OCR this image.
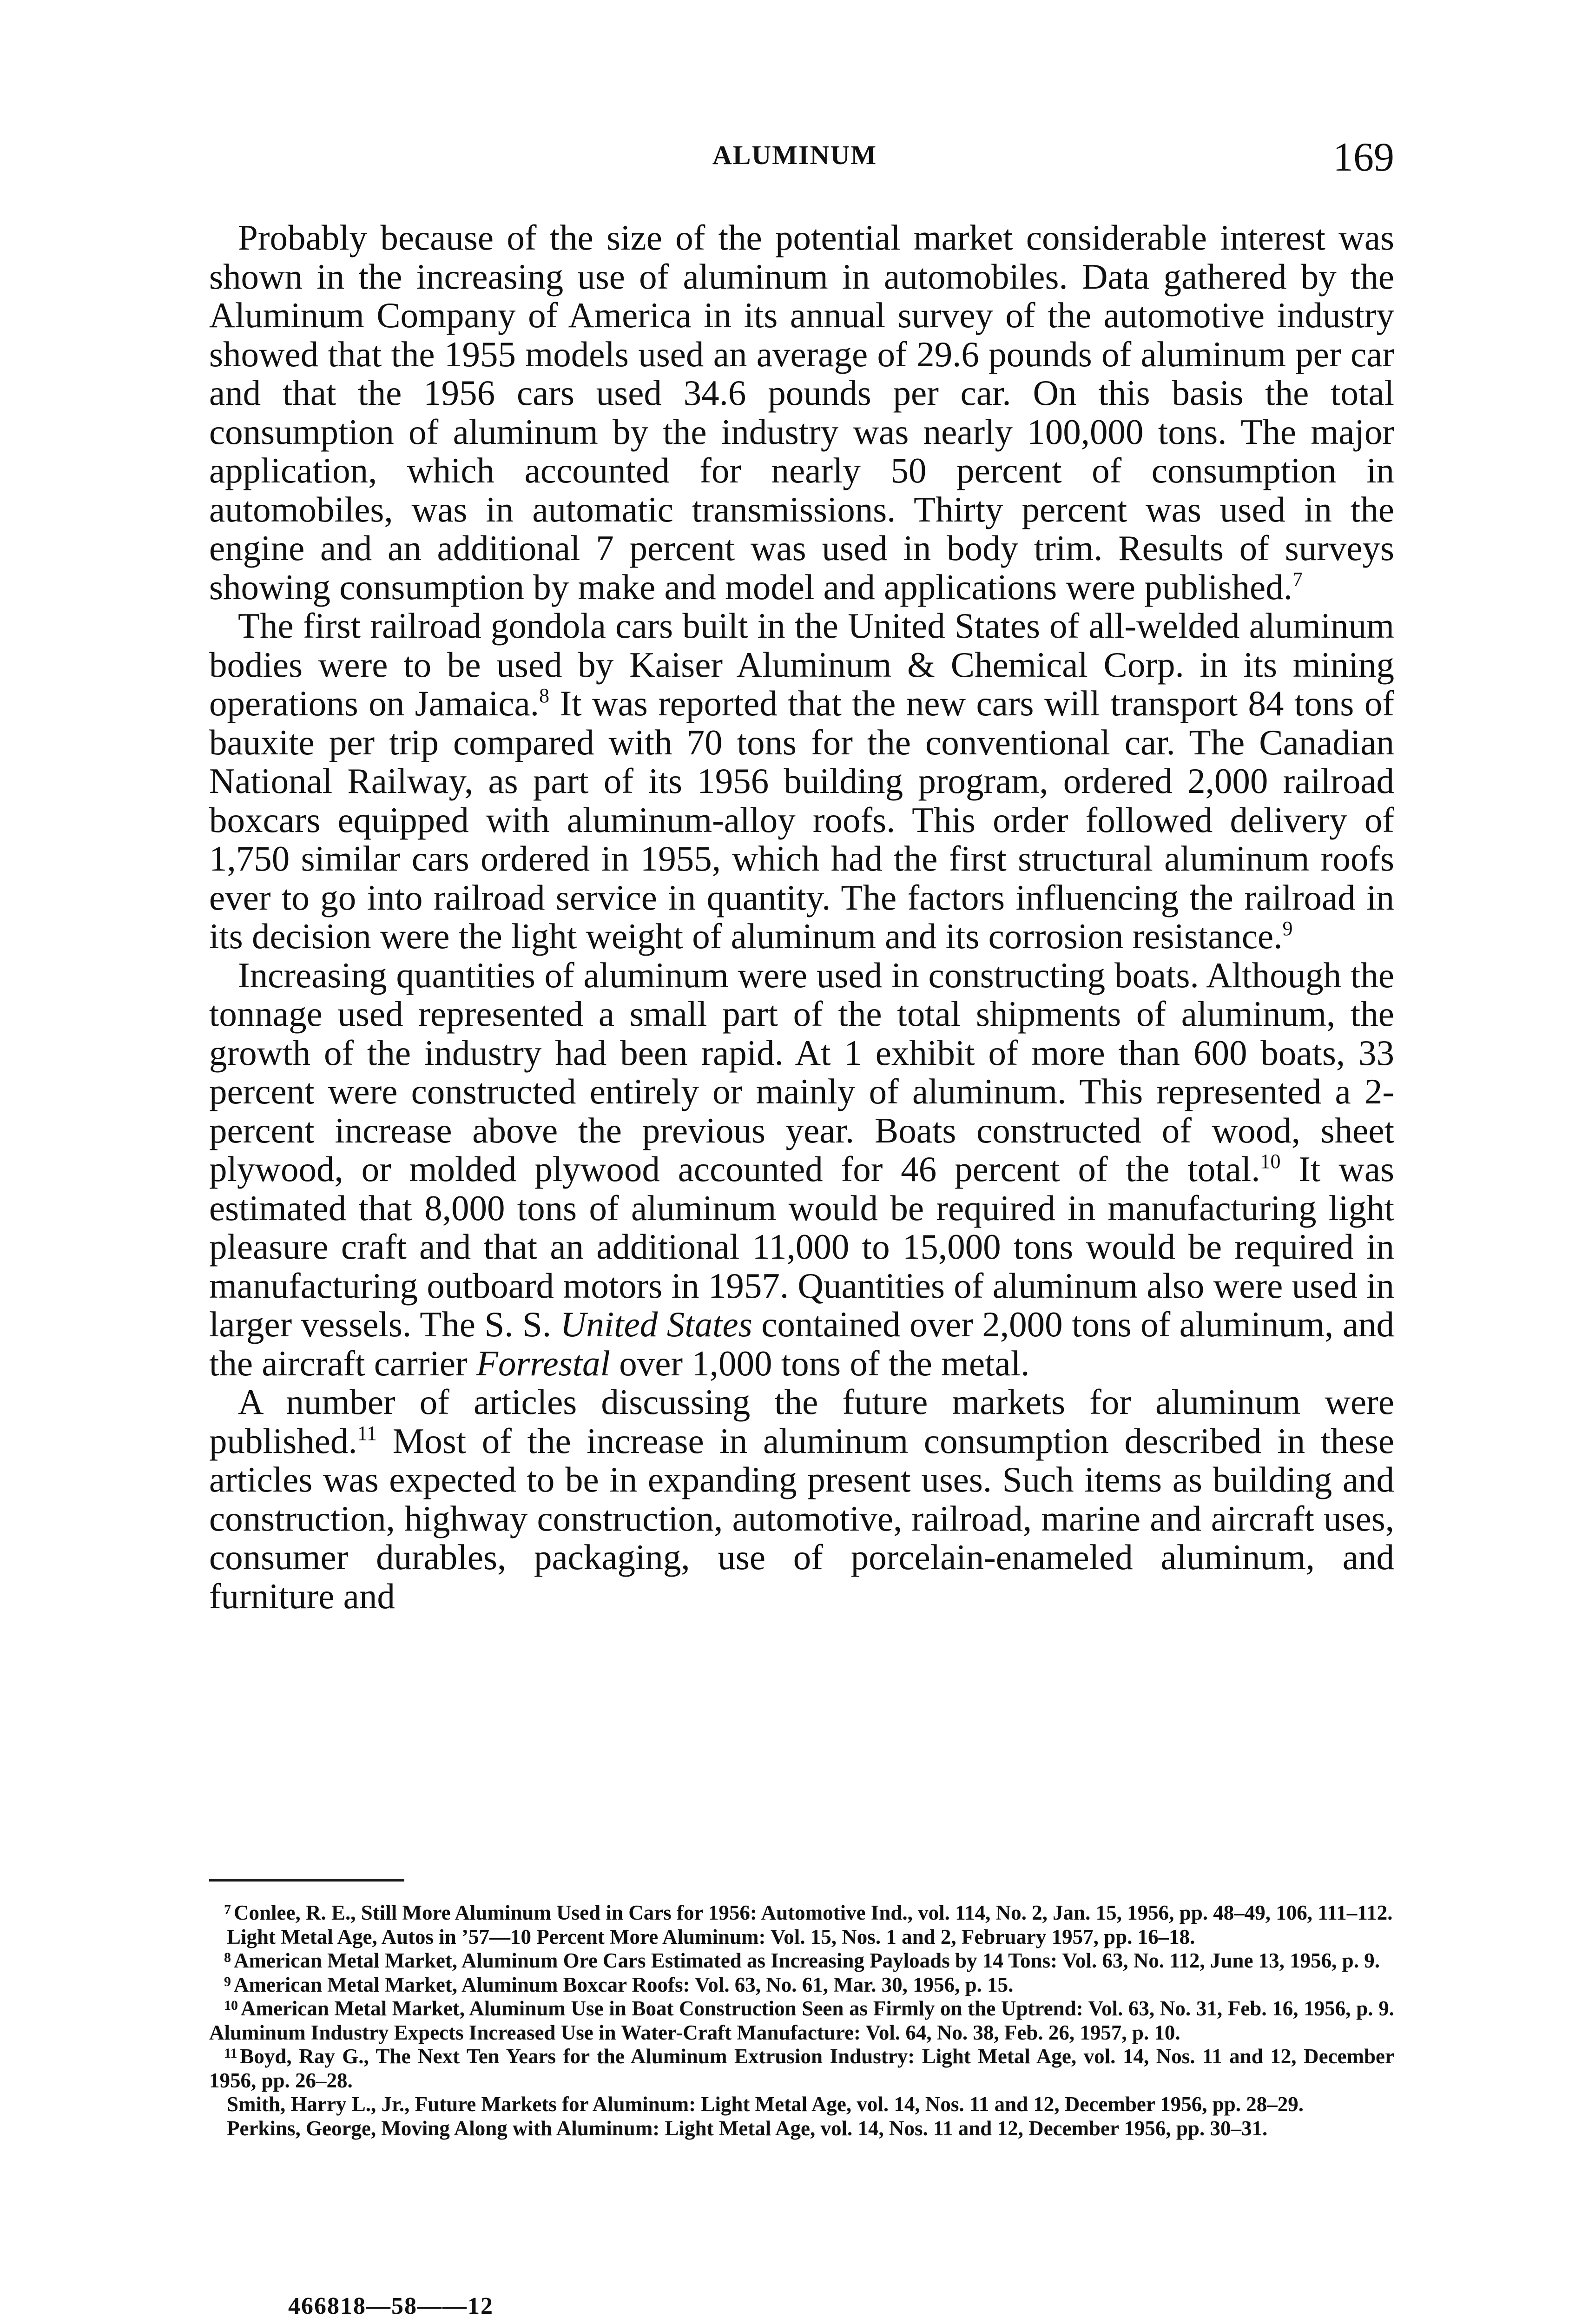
ALUMINUM	169

Probably because of the size of the potential market considerable interest was shown in the increasing use of aluminum in automobiles. Data gathered by the Aluminum Company of America in its annual survey of the automotive industry showed that the 1955 models used an average of 29.6 pounds of aluminum per car and that the 1956 cars used 34.6 pounds per car. On this basis the total consumption of aluminum by the industry was nearly 100,000 tons. The major application, which accounted for nearly 50 percent of consumption in automobiles, was in automatic transmissions. Thirty percent was used in the engine and an additional 7 percent was used in body trim. Results of surveys showing consumption by make and model and applications were published.$^7$

The first railroad gondola cars built in the United States of all-welded aluminum bodies were to be used by Kaiser Aluminum & Chemical Corp. in its mining operations on Jamaica.$^8$ It was reported that the new cars will transport 84 tons of bauxite per trip compared with 70 tons for the conventional car. The Canadian National Railway, as part of its 1956 building program, ordered 2,000 railroad boxcars equipped with aluminum-alloy roofs. This order followed delivery of 1,750 similar cars ordered in 1955, which had the first structural aluminum roofs ever to go into railroad service in quantity. The factors influencing the railroad in its decision were the light weight of aluminum and its corrosion resistance.$^9$

Increasing quantities of aluminum were used in constructing boats. Although the tonnage used represented a small part of the total shipments of aluminum, the growth of the industry had been rapid. At 1 exhibit of more than 600 boats, 33 percent were constructed entirely or mainly of aluminum. This represented a 2-percent increase above the previous year. Boats constructed of wood, sheet plywood, or molded plywood accounted for 46 percent of the total.$^{10}$ It was estimated that 8,000 tons of aluminum would be required in manufacturing light pleasure craft and that an additional 11,000 to 15,000 tons would be required in manufacturing outboard motors in 1957. Quantities of aluminum also were used in larger vessels. The S. S. United States contained over 2,000 tons of aluminum, and the aircraft carrier Forrestal over 1,000 tons of the metal.

A number of articles discussing the future markets for aluminum were published.$^{11}$ Most of the increase in aluminum consumption described in these articles was expected to be in expanding present uses. Such items as building and construction, highway construction, automotive, railroad, marine and aircraft uses, consumer durables, packaging, use of porcelain-enameled aluminum, and furniture and

$^7$ Conlee, R. E., Still More Aluminum Used in Cars for 1956: Automotive Ind., vol. 114, No. 2, Jan. 15, 1956, pp. 48–49, 106, 111–112.

Light Metal Age, Autos in ’57—10 Percent More Aluminum: Vol. 15, Nos. 1 and 2, February 1957, pp. 16–18.

$^8$ American Metal Market, Aluminum Ore Cars Estimated as Increasing Payloads by 14 Tons: Vol. 63, No. 112, June 13, 1956, p. 9.

$^9$ American Metal Market, Aluminum Boxcar Roofs: Vol. 63, No. 61, Mar. 30, 1956, p. 15.

$^{10}$ American Metal Market, Aluminum Use in Boat Construction Seen as Firmly on the Uptrend: Vol. 63, No. 31, Feb. 16, 1956, p. 9. Aluminum Industry Expects Increased Use in Water-Craft Manufacture: Vol. 64, No. 38, Feb. 26, 1957, p. 10.

$^{11}$ Boyd, Ray G., The Next Ten Years for the Aluminum Extrusion Industry: Light Metal Age, vol. 14, Nos. 11 and 12, December 1956, pp. 26–28.

Smith, Harry L., Jr., Future Markets for Aluminum: Light Metal Age, vol. 14, Nos. 11 and 12, December 1956, pp. 28–29.

Perkins, George, Moving Along with Aluminum: Light Metal Age, vol. 14, Nos. 11 and 12, December 1956, pp. 30–31.

466818—58——12
